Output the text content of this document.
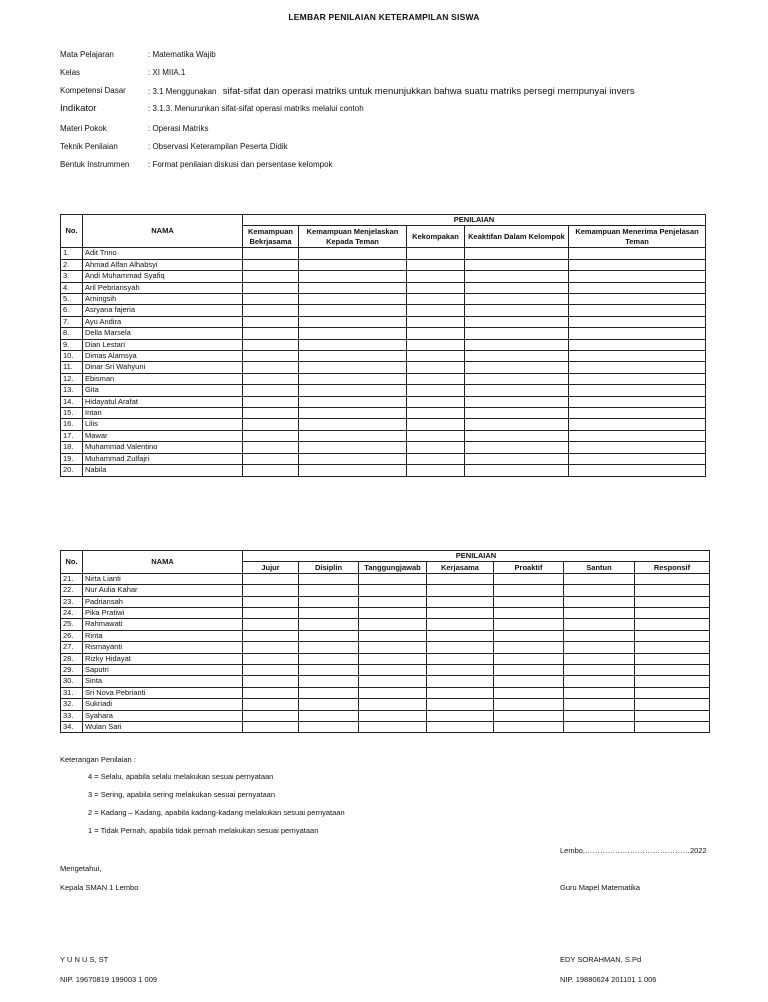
LEMBAR PENILAIAN KETERAMPILAN SISWA
Mata Pelajaran	: Matematika Wajib
Kelas	: XI MIIA.1
Kompetensi Dasar	: 3.1 Menggunakan sifat-sifat dan operasi matriks untuk menunjukkan bahwa suatu matriks persegi mempunyai invers
Indikator	: 3.1.3. Menurunkan sifat-sifat operasi matriks melalui contoh
Materi Pokok	: Operasi Matriks
Teknik Penilaian	: Observasi Keterampilan Peserta Didik
Bentuk Instrummen	: Format penilaian diskusi dan persentase kelompok
No.	NAMA	PENILAIAN				
		Kemampuan Bekrjasama	Kemampuan Menjelaskan Kepada Teman	Kekompakan	Keaktifan Dalam Kelompok	Kemampuan Menerima Penjelasan Teman
1.	Adit Trino					
2.	Ahmad Alfan Alhabsyi					
3.	Andi Muhammad Syafiq					
4.	Aril Pebriansyah					
5.	Arningsih					
6.	Asryana fajeria					
7.	Ayu Andira					
8.	Della Marsela					
9.	Dian Lestari					
10.	Dimas Alamsya					
11.	Dinar Sri Wahyuni					
12.	Ebisman					
13.	Gita					
14.	Hidayatul Arafat					
15.	Intan					
16.	Lilis					
17.	Mawar					
18.	Muhammad Valentino					
19.	Muhammad Zulfajri					
20.	Nabila					
No.	NAMA	PENILAIAN						
		Jujur	Disiplin	Tanggungjawab	Kerjasama	Proaktif	Santun	Responsif
21.	Nirta Lianti							
22.	Nur Aulia Kahar							
23.	Padriansah							
24.	Pika Pratiwi							
25.	Rahmawati							
26.	Rinta							
27.	Rismayanti							
28.	Rizky Hidayat							
29.	Saputri							
30.	Sinta							
31.	Sri Nova Pebrianti							
32.	Sukriadi							
33.	Syahara							
34.	Wulan Sari							
Keterangan Penilaian :
4 = Selalu, apabila selalu melakukan sesuai pernyataan
3 = Sering, apabila sering melakukan sesuai pernyataan
2 = Kadang – Kadang, apabila kadang-kadang melakukan sesuai pernyataan
1 = Tidak Pernah, apabila tidak pernah melakukan sesuai pernyataan
Lembo,……………………………………2022
Mengetahui,
Kepala SMAN 1 Lembo	Guru Mapel Matematika
Y U N U S, ST
NIP. 19670819 199003 1 009
EDY SORAHMAN, S.Pd
NIP. 19880624 201101 1 006
